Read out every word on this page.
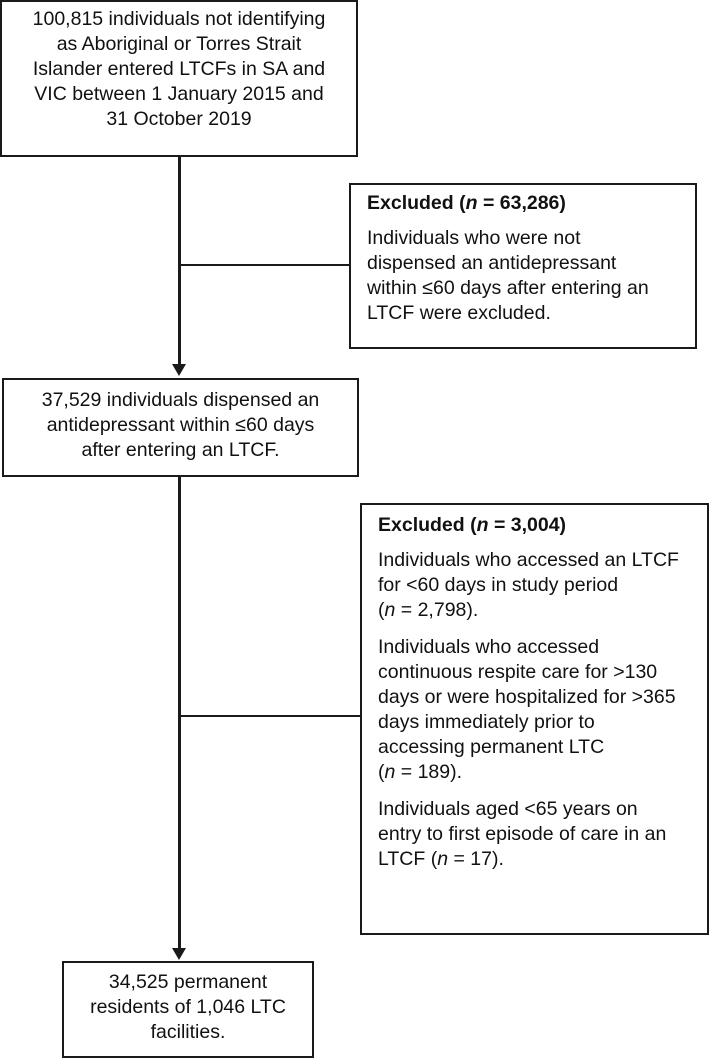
100,815 individuals not identifying
as Aboriginal or Torres Strait
Islander entered LTCFs in SA and
VIC between 1 January 2015 and
31 October 2019
Excluded (n = 63,286)
Individuals who were not
dispensed an antidepressant
within ≤60 days after entering an
LTCF were excluded.
37,529 individuals dispensed an
antidepressant within ≤60 days
after entering an LTCF.
Excluded (n = 3,004)

Individuals who accessed an LTCF
for <60 days in study period
(n = 2,798).

Individuals who accessed
continuous respite care for >130
days or were hospitalized for >365
days immediately prior to
accessing permanent LTC
(n = 189).

Individuals aged <65 years on
entry to first episode of care in an
LTCF (n = 17).

34,525 permanent
residents of 1,046 LTC
facilities.
